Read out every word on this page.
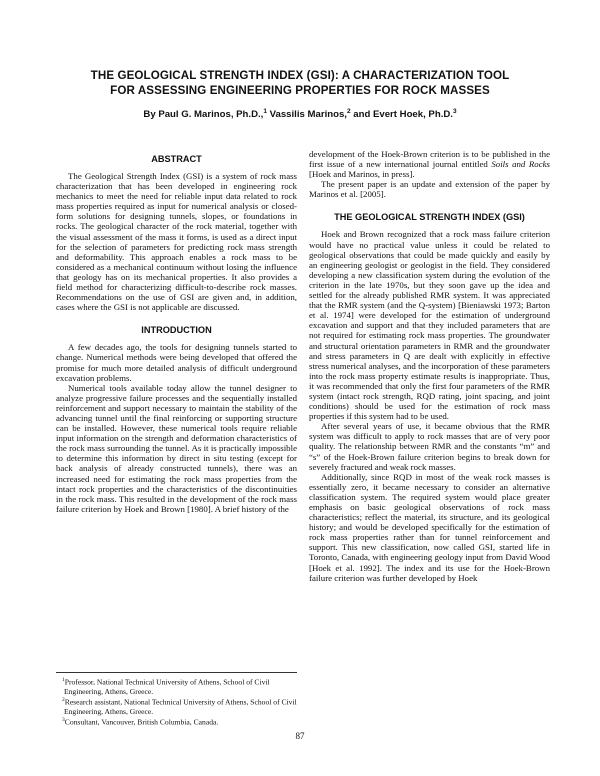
THE GEOLOGICAL STRENGTH INDEX (GSI): A CHARACTERIZATION TOOL
FOR ASSESSING ENGINEERING PROPERTIES FOR ROCK MASSES
By Paul G. Marinos, Ph.D.,$^1$ Vassilis Marinos,$^2$ and Evert Hoek, Ph.D.$^3$
ABSTRACT

The Geological Strength Index (GSI) is a system of rock mass characterization that has been developed in engineering rock mechanics to meet the need for reliable input data related to rock mass properties required as input for numerical analysis or closed-form solutions for designing tunnels, slopes, or foundations in rocks. The geological character of the rock material, together with the visual assessment of the mass it forms, is used as a direct input for the selection of parameters for predicting rock mass strength and deformability. This approach enables a rock mass to be considered as a mechanical continuum without losing the influence that geology has on its mechanical properties. It also provides a field method for characterizing difficult-to-describe rock masses. Recommendations on the use of GSI are given and, in addition, cases where the GSI is not applicable are discussed.

INTRODUCTION

A few decades ago, the tools for designing tunnels started to change. Numerical methods were being developed that offered the promise for much more detailed analysis of difficult underground excavation problems.

Numerical tools available today allow the tunnel designer to analyze progressive failure processes and the sequentially installed reinforcement and support necessary to maintain the stability of the advancing tunnel until the final reinforcing or supporting structure can be installed. However, these numerical tools require reliable input information on the strength and deformation characteristics of the rock mass surrounding the tunnel. As it is practically impossible to determine this information by direct in situ testing (except for back analysis of already constructed tunnels), there was an increased need for estimating the rock mass properties from the intact rock properties and the characteristics of the discontinuities in the rock mass. This resulted in the development of the rock mass failure criterion by Hoek and Brown [1980]. A brief history of the

development of the Hoek-Brown criterion is to be published in the first issue of a new international journal entitled Soils and Rocks [Hoek and Marinos, in press].

The present paper is an update and extension of the paper by Marinos et al. [2005].

THE GEOLOGICAL STRENGTH INDEX (GSI)

Hoek and Brown recognized that a rock mass failure criterion would have no practical value unless it could be related to geological observations that could be made quickly and easily by an engineering geologist or geologist in the field. They considered developing a new classification system during the evolution of the criterion in the late 1970s, but they soon gave up the idea and settled for the already published RMR system. It was appreciated that the RMR system (and the Q-system) [Bieniawski 1973; Barton et al. 1974] were developed for the estimation of underground excavation and support and that they included parameters that are not required for estimating rock mass properties. The groundwater and structural orientation parameters in RMR and the groundwater and stress parameters in Q are dealt with explicitly in effective stress numerical analyses, and the incorporation of these parameters into the rock mass property estimate results is inappropriate. Thus, it was recommended that only the first four parameters of the RMR system (intact rock strength, RQD rating, joint spacing, and joint conditions) should be used for the estimation of rock mass properties if this system had to be used.

After several years of use, it became obvious that the RMR system was difficult to apply to rock masses that are of very poor quality. The relationship between RMR and the constants “m” and “s” of the Hoek-Brown failure criterion begins to break down for severely fractured and weak rock masses.

Additionally, since RQD in most of the weak rock masses is essentially zero, it became necessary to consider an alternative classification system. The required system would place greater emphasis on basic geological observations of rock mass characteristics; reflect the material, its structure, and its geological history; and would be developed specifically for the estimation of rock mass properties rather than for tunnel reinforcement and support. This new classification, now called GSI, started life in Toronto, Canada, with engineering geology input from David Wood [Hoek et al. 1992]. The index and its use for the Hoek-Brown failure criterion was further developed by Hoek

$^1$Professor, National Technical University of Athens, School of Civil Engineering, Athens, Greece.
$^2$Research assistant, National Technical University of Athens, School of Civil Engineering, Athens, Greece.
$^3$Consultant, Vancouver, British Columbia, Canada.
87
